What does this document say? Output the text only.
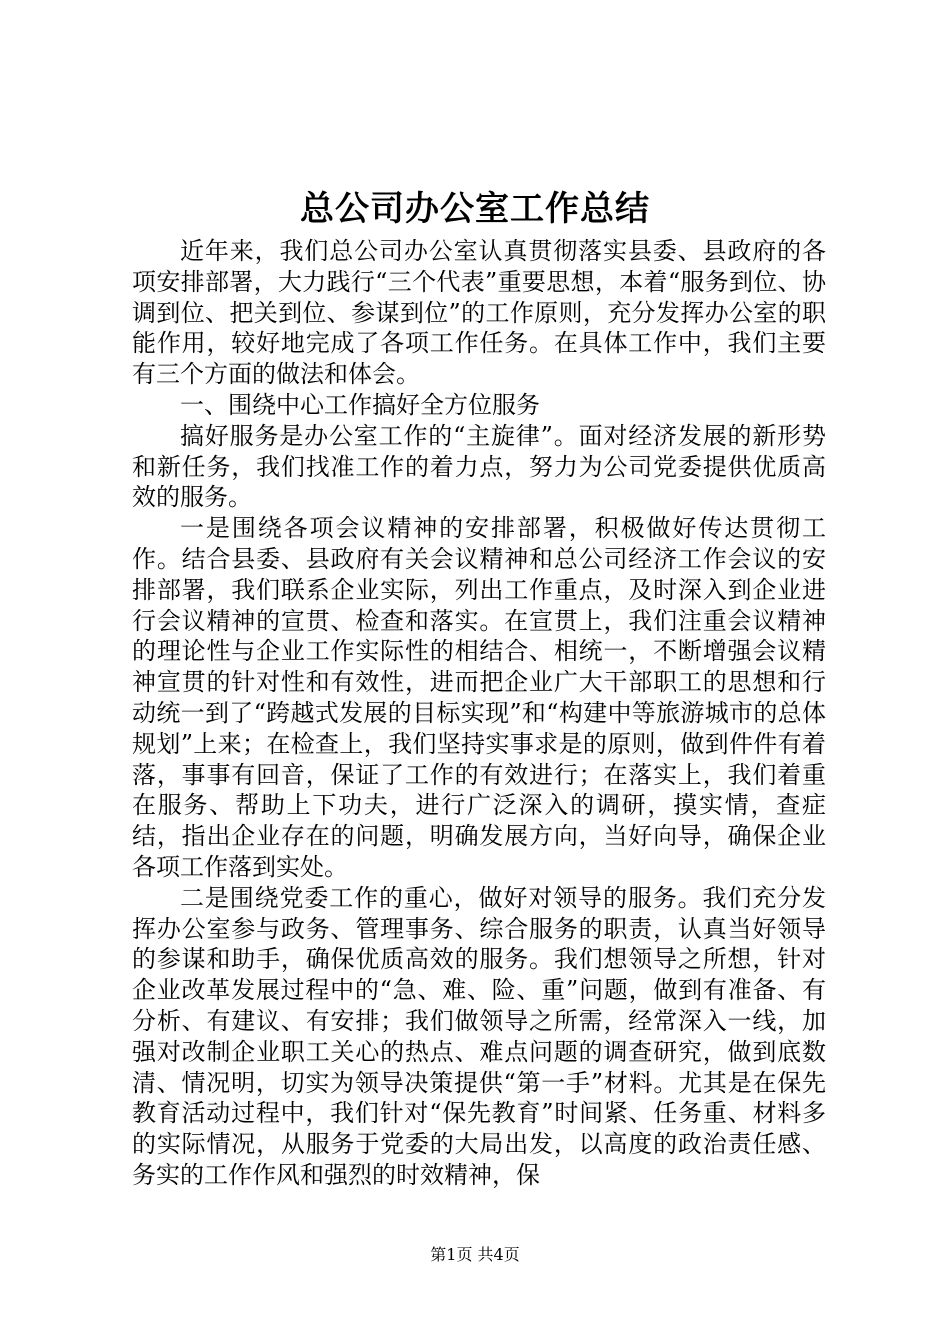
总公司办公室工作总结

近年来，我们总公司办公室认真贯彻落实县委、县政府的各项安排部署，大力践行“三个代表”重要思想，本着“服务到位、协调到位、把关到位、参谋到位”的工作原则，充分发挥办公室的职能作用，较好地完成了各项工作任务。在具体工作中，我们主要有三个方面的做法和体会。

一、围绕中心工作搞好全方位服务

搞好服务是办公室工作的“主旋律”。面对经济发展的新形势和新任务，我们找准工作的着力点，努力为公司党委提供优质高效的服务。

一是围绕各项会议精神的安排部署，积极做好传达贯彻工作。结合县委、县政府有关会议精神和总公司经济工作会议的安排部署，我们联系企业实际，列出工作重点，及时深入到企业进行会议精神的宣贯、检查和落实。在宣贯上，我们注重会议精神的理论性与企业工作实际性的相结合、相统一，不断增强会议精神宣贯的针对性和有效性，进而把企业广大干部职工的思想和行动统一到了“跨越式发展的目标实现”和“构建中等旅游城市的总体规划”上来；在检查上，我们坚持实事求是的原则，做到件件有着落，事事有回音，保证了工作的有效进行；在落实上，我们着重在服务、帮助上下功夫，进行广泛深入的调研，摸实情，查症结，指出企业存在的问题，明确发展方向，当好向导，确保企业各项工作落到实处。

二是围绕党委工作的重心，做好对领导的服务。我们充分发挥办公室参与政务、管理事务、综合服务的职责，认真当好领导的参谋和助手，确保优质高效的服务。我们想领导之所想，针对企业改革发展过程中的“急、难、险、重”问题，做到有准备、有分析、有建议、有安排；我们做领导之所需，经常深入一线，加强对改制企业职工关心的热点、难点问题的调查研究，做到底数清、情况明，切实为领导决策提供“第一手”材料。尤其是在保先教育活动过程中，我们针对“保先教育”时间紧、任务重、材料多的实际情况，从服务于党委的大局出发，以高度的政治责任感、务实的工作作风和强烈的时效精神，保

第1页 共4页
